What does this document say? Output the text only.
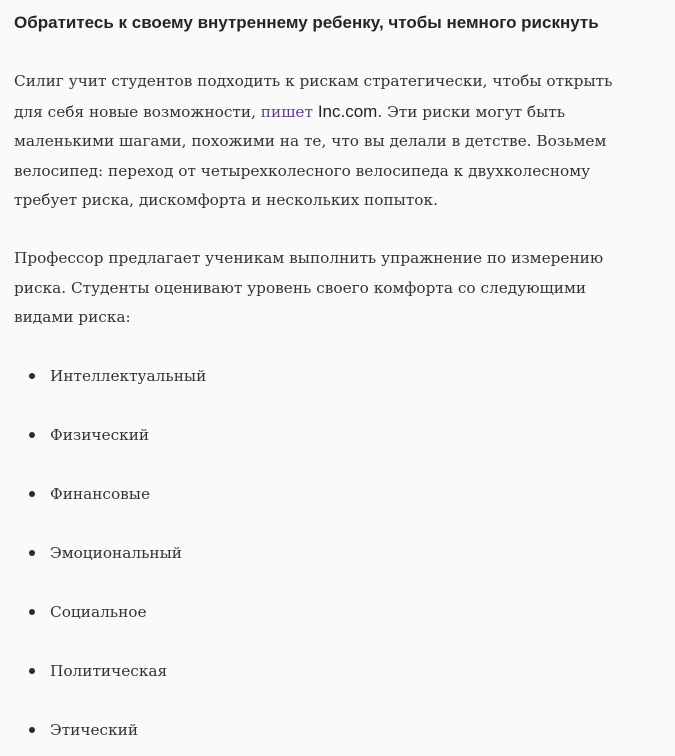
Обратитесь к своему внутреннему ребенку, чтобы немного рискнуть

Силиг учит студентов подходить к рискам стратегически, чтобы открыть
для себя новые возможности, пишет Inc.com. Эти риски могут быть
маленькими шагами, похожими на те, что вы делали в детстве. Возьмем
велосипед: переход от четырехколесного велосипеда к двухколесному
требует риска, дискомфорта и нескольких попыток.

Профессор предлагает ученикам выполнить упражнение по измерению
риска. Студенты оценивают уровень своего комфорта со следующими
видами риска:

Интеллектуальный
Физический
Финансовые
Эмоциональный
Социальное
Политическая
Этический
